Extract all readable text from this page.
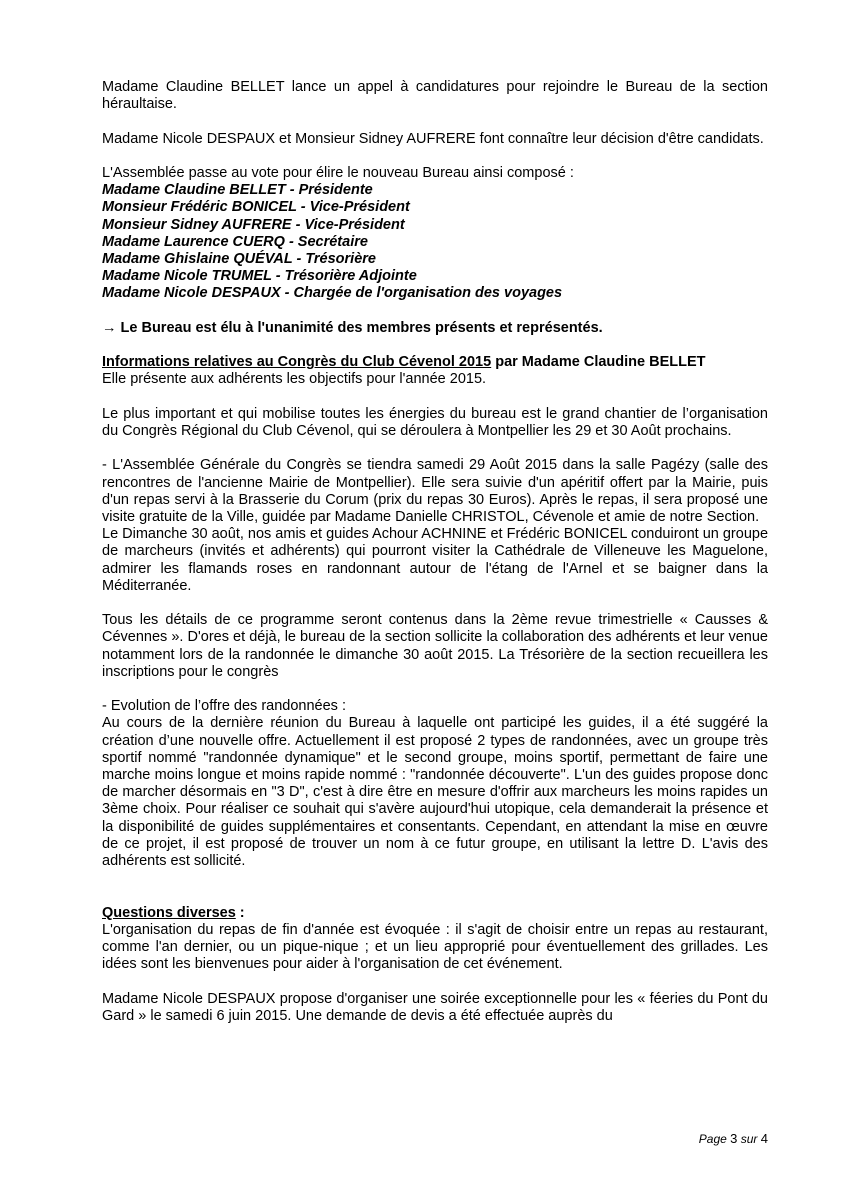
Madame Claudine BELLET lance un appel à candidatures pour rejoindre le Bureau de la section héraultaise.

Madame Nicole DESPAUX et Monsieur Sidney AUFRERE font connaître leur décision d'être candidats.

L'Assemblée passe au vote pour élire le nouveau Bureau ainsi composé :

Madame Claudine BELLET - Présidente

Monsieur Frédéric BONICEL - Vice-Président

Monsieur Sidney AUFRERE - Vice-Président

Madame Laurence CUERQ - Secrétaire

Madame Ghislaine QUÉVAL - Trésorière

Madame Nicole TRUMEL - Trésorière Adjointe

Madame Nicole DESPAUX - Chargée de l'organisation des voyages

→ Le Bureau est élu à l'unanimité des membres présents et représentés.

Informations relatives au Congrès du Club Cévenol 2015 par Madame Claudine BELLET

Elle présente aux adhérents les objectifs pour l'année 2015.

Le plus important et qui mobilise toutes les énergies du bureau est le grand chantier de l’organisation du Congrès Régional du Club Cévenol, qui se déroulera à Montpellier les 29 et 30 Août prochains.

- L'Assemblée Générale du Congrès se tiendra samedi 29 Août 2015 dans la salle Pagézy (salle des rencontres de l'ancienne Mairie de Montpellier). Elle sera suivie d'un apéritif offert par la Mairie, puis d'un repas servi à la Brasserie du Corum (prix du repas 30 Euros). Après le repas, il sera proposé une visite gratuite de la Ville, guidée par Madame Danielle CHRISTOL, Cévenole et amie de notre Section.

Le Dimanche 30 août, nos amis et guides Achour ACHNINE et Frédéric BONICEL conduiront un groupe de marcheurs (invités et adhérents) qui pourront visiter la Cathédrale de Villeneuve les Maguelone, admirer les flamands roses en randonnant autour de l'étang de l'Arnel et se baigner dans la Méditerranée.

Tous les détails de ce programme seront contenus dans la 2ème revue trimestrielle « Causses & Cévennes ». D'ores et déjà, le bureau de la section sollicite la collaboration des adhérents et leur venue notamment lors de la randonnée le dimanche 30 août 2015. La Trésorière de la section recueillera les inscriptions pour le congrès

- Evolution de l’offre des randonnées :

Au cours de la dernière réunion du Bureau à laquelle ont participé les guides, il a été suggéré la création d’une nouvelle offre. Actuellement il est proposé 2 types de randonnées, avec un groupe très sportif nommé "randonnée dynamique" et le second groupe, moins sportif, permettant de faire une marche moins longue et moins rapide nommé : "randonnée découverte". L'un des guides propose donc de marcher désormais en "3 D", c'est à dire être en mesure d'offrir aux marcheurs les moins rapides un 3ème choix. Pour réaliser ce souhait qui s'avère aujourd'hui utopique, cela demanderait la présence et la disponibilité de guides supplémentaires et consentants. Cependant, en attendant la mise en œuvre de ce projet, il est proposé de trouver un nom à ce futur groupe, en utilisant la lettre D. L'avis des adhérents est sollicité.

Questions diverses :

L'organisation du repas de fin d'année est évoquée : il s'agit de choisir entre un repas au restaurant, comme l'an dernier, ou un pique-nique ; et un lieu approprié pour éventuellement des grillades. Les idées sont les bienvenues pour aider à l'organisation de cet événement.

Madame Nicole DESPAUX propose d'organiser une soirée exceptionnelle pour les « féeries du Pont du Gard » le samedi 6 juin 2015. Une demande de devis a été effectuée auprès du

Page 3 sur 4
